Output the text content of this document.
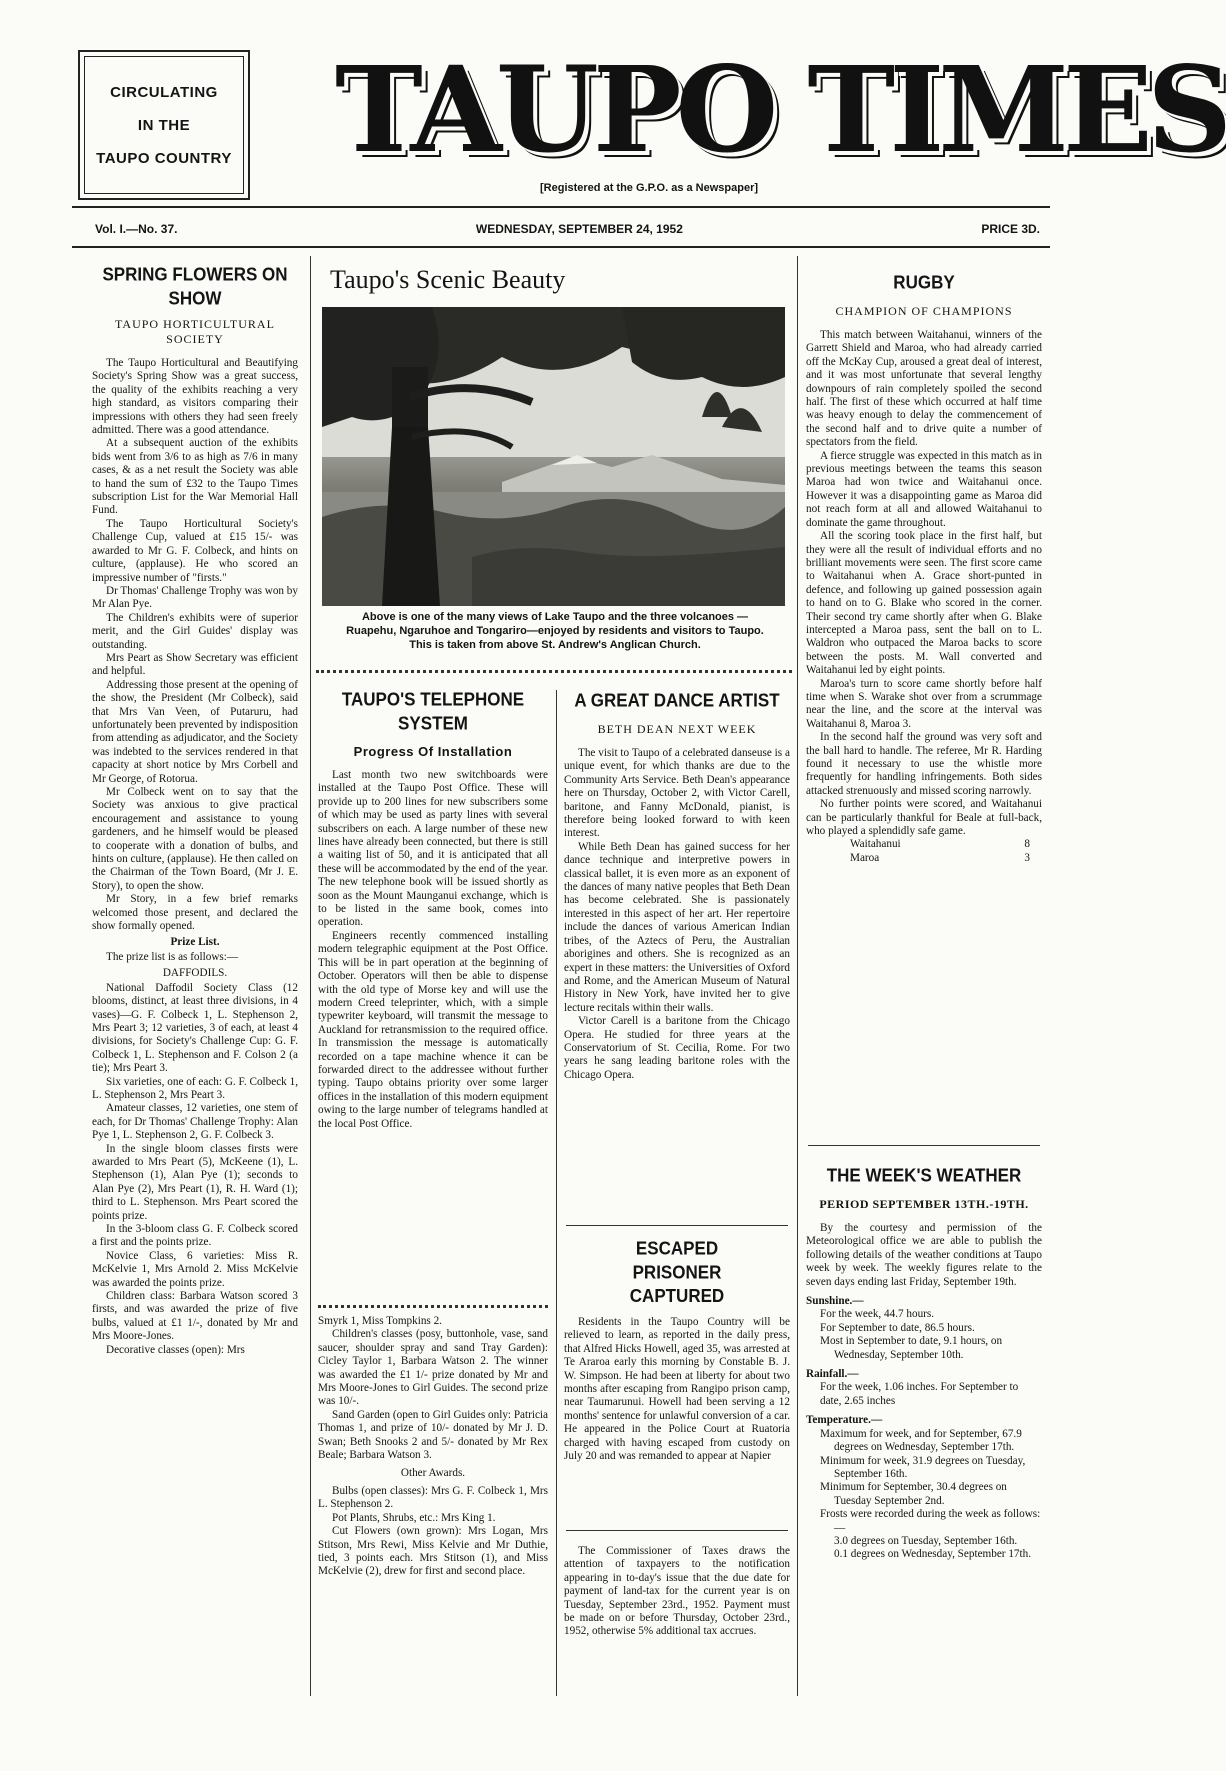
CIRCULATING
IN THE
TAUPO COUNTRY TAUPO TIMES
[Registered at the G.P.O. as a Newspaper]
Vol. I.—No. 37.	WEDNESDAY, SEPTEMBER 24, 1952	PRICE 3D.
SPRING FLOWERS ON SHOW
TAUPO HORTICULTURAL SOCIETY

The Taupo Horticultural and Beautifying Society's Spring Show was a great success, the quality of the exhibits reaching a very high standard, as visitors comparing their impressions with others they had seen freely admitted. There was a good attendance.

At a subsequent auction of the exhibits bids went from 3/6 to as high as 7/6 in many cases, & as a net result the Society was able to hand the sum of £32 to the Taupo Times subscription List for the War Memorial Hall Fund.

The Taupo Horticultural Society's Challenge Cup, valued at £15 15/- was awarded to Mr G. F. Colbeck, and hints on culture, (applause). He who scored an impressive number of "firsts."

Dr Thomas' Challenge Trophy was won by Mr Alan Pye.

The Children's exhibits were of superior merit, and the Girl Guides' display was outstanding.

Mrs Peart as Show Secretary was efficient and helpful.

Addressing those present at the opening of the show, the President (Mr Colbeck), said that Mrs Van Veen, of Putaruru, had unfortunately been prevented by indisposition from attending as adjudicator, and the Society was indebted to the services rendered in that capacity at short notice by Mrs Corbell and Mr George, of Rotorua.

Mr Colbeck went on to say that the Society was anxious to give practical encouragement and assistance to young gardeners, and he himself would be pleased to cooperate with a donation of bulbs, and hints on culture, (applause). He then called on the Chairman of the Town Board, (Mr J. E. Story), to open the show.

Mr Story, in a few brief remarks welcomed those present, and declared the show formally opened.

Prize List.

The prize list is as follows:—

DAFFODILS.

National Daffodil Society Class (12 blooms, distinct, at least three divisions, in 4 vases)—G. F. Colbeck 1, L. Stephenson 2, Mrs Peart 3; 12 varieties, 3 of each, at least 4 divisions, for Society's Challenge Cup: G. F. Colbeck 1, L. Stephenson and F. Colson 2 (a tie); Mrs Peart 3.

Six varieties, one of each: G. F. Colbeck 1, L. Stephenson 2, Mrs Peart 3.

Amateur classes, 12 varieties, one stem of each, for Dr Thomas' Challenge Trophy: Alan Pye 1, L. Stephenson 2, G. F. Colbeck 3.

In the single bloom classes firsts were awarded to Mrs Peart (5), McKeene (1), L. Stephenson (1), Alan Pye (1); seconds to Alan Pye (2), Mrs Peart (1), R. H. Ward (1); third to L. Stephenson. Mrs Peart scored the points prize.

In the 3-bloom class G. F. Colbeck scored a first and the points prize.

Novice Class, 6 varieties: Miss R. McKelvie 1, Mrs Arnold 2. Miss McKelvie was awarded the points prize.

Children class: Barbara Watson scored 3 firsts, and was awarded the prize of five bulbs, valued at £1 1/-, donated by Mr and Mrs Moore-Jones.

Decorative classes (open): Mrs

Taupo's Scenic Beauty
Above is one of the many views of Lake Taupo and the three volcanoes —Ruapehu, Ngaruhoe and Tongariro—enjoyed by residents and visitors to Taupo. This is taken from above St. Andrew's Anglican Church.
TAUPO'S TELEPHONE SYSTEM
Progress Of Installation

Last month two new switchboards were installed at the Taupo Post Office. These will provide up to 200 lines for new subscribers some of which may be used as party lines with several subscribers on each. A large number of these new lines have already been connected, but there is still a waiting list of 50, and it is anticipated that all these will be accommodated by the end of the year. The new telephone book will be issued shortly as soon as the Mount Maunganui exchange, which is to be listed in the same book, comes into operation.

Engineers recently commenced installing modern telegraphic equipment at the Post Office. This will be in part operation at the beginning of October. Operators will then be able to dispense with the old type of Morse key and will use the modern Creed teleprinter, which, with a simple typewriter keyboard, will transmit the message to Auckland for retransmission to the required office. In transmission the message is automatically recorded on a tape machine whence it can be forwarded direct to the addressee without further typing. Taupo obtains priority over some larger offices in the installation of this modern equipment owing to the large number of telegrams handled at the local Post Office.

Smyrk 1, Miss Tompkins 2.

Children's classes (posy, buttonhole, vase, sand saucer, shoulder spray and sand Tray Garden): Cicley Taylor 1, Barbara Watson 2. The winner was awarded the £1 1/- prize donated by Mr and Mrs Moore-Jones to Girl Guides. The second prize was 10/-.

Sand Garden (open to Girl Guides only: Patricia Thomas 1, and prize of 10/- donated by Mr J. D. Swan; Beth Snooks 2 and 5/- donated by Mr Rex Beale; Barbara Watson 3.

Other Awards.

Bulbs (open classes): Mrs G. F. Colbeck 1, Mrs L. Stephenson 2.

Pot Plants, Shrubs, etc.: Mrs King 1.

Cut Flowers (own grown): Mrs Logan, Mrs Stitson, Mrs Rewi, Miss Kelvie and Mr Duthie, tied, 3 points each. Mrs Stitson (1), and Miss McKelvie (2), drew for first and second place.

A GREAT DANCE ARTIST
BETH DEAN NEXT WEEK

The visit to Taupo of a celebrated danseuse is a unique event, for which thanks are due to the Community Arts Service. Beth Dean's appearance here on Thursday, October 2, with Victor Carell, baritone, and Fanny McDonald, pianist, is therefore being looked forward to with keen interest.

While Beth Dean has gained success for her dance technique and interpretive powers in classical ballet, it is even more as an exponent of the dances of many native peoples that Beth Dean has become celebrated. She is passionately interested in this aspect of her art. Her repertoire include the dances of various American Indian tribes, of the Aztecs of Peru, the Australian aborigines and others. She is recognized as an expert in these matters: the Universities of Oxford and Rome, and the American Museum of Natural History in New York, have invited her to give lecture recitals within their walls.

Victor Carell is a baritone from the Chicago Opera. He studied for three years at the Conservatorium of St. Cecilia, Rome. For two years he sang leading baritone roles with the Chicago Opera.

ESCAPED PRISONER CAPTURED

Residents in the Taupo Country will be relieved to learn, as reported in the daily press, that Alfred Hicks Howell, aged 35, was arrested at Te Araroa early this morning by Constable B. J. W. Simpson. He had been at liberty for about two months after escaping from Rangipo prison camp, near Taumarunui. Howell had been serving a 12 months' sentence for unlawful conversion of a car. He appeared in the Police Court at Ruatoria charged with having escaped from custody on July 20 and was remanded to appear at Napier

The Commissioner of Taxes draws the attention of taxpayers to the notification appearing in to-day's issue that the due date for payment of land-tax for the current year is on Tuesday, September 23rd., 1952. Payment must be made on or before Thursday, October 23rd., 1952, otherwise 5% additional tax accrues.

RUGBY
CHAMPION OF CHAMPIONS

This match between Waitahanui, winners of the Garrett Shield and Maroa, who had already carried off the McKay Cup, aroused a great deal of interest, and it was most unfortunate that several lengthy downpours of rain completely spoiled the second half. The first of these which occurred at half time was heavy enough to delay the commencement of the second half and to drive quite a number of spectators from the field.

A fierce struggle was expected in this match as in previous meetings between the teams this season Maroa had won twice and Waitahanui once. However it was a disappointing game as Maroa did not reach form at all and allowed Waitahanui to dominate the game throughout.

All the scoring took place in the first half, but they were all the result of individual efforts and no brilliant movements were seen. The first score came to Waitahanui when A. Grace short-punted in defence, and following up gained possession again to hand on to G. Blake who scored in the corner. Their second try came shortly after when G. Blake intercepted a Maroa pass, sent the ball on to L. Waldron who outpaced the Maroa backs to score between the posts. M. Wall converted and Waitahanui led by eight points.

Maroa's turn to score came shortly before half time when S. Warake shot over from a scrummage near the line, and the score at the interval was Waitahanui 8, Maroa 3.

In the second half the ground was very soft and the ball hard to handle. The referee, Mr R. Harding found it necessary to use the whistle more frequently for handling infringements. Both sides attacked strenuously and missed scoring narrowly.

No further points were scored, and Waitahanui can be particularly thankful for Beale at full-back, who played a splendidly safe game.

Waitahanui	8
Maroa	3
THE WEEK'S WEATHER
PERIOD SEPTEMBER 13TH.-19TH.

By the courtesy and permission of the Meteorological office we are able to publish the following details of the weather conditions at Taupo week by week. The weekly figures relate to the seven days ending last Friday, September 19th.

Sunshine.—
For the week, 44.7 hours.
For September to date, 86.5 hours.
Most in September to date, 9.1 hours, on Wednesday, September 10th.
Rainfall.—
For the week, 1.06 inches. For September to date, 2.65 inches
Temperature.—
Maximum for week, and for September, 67.9 degrees on Wednesday, September 17th.
Minimum for week, 31.9 degrees on Tuesday, September 16th.
Minimum for September, 30.4 degrees on Tuesday September 2nd.
Frosts were recorded during the week as follows:—
3.0 degrees on Tuesday, September 16th.
0.1 degrees on Wednesday, September 17th.
